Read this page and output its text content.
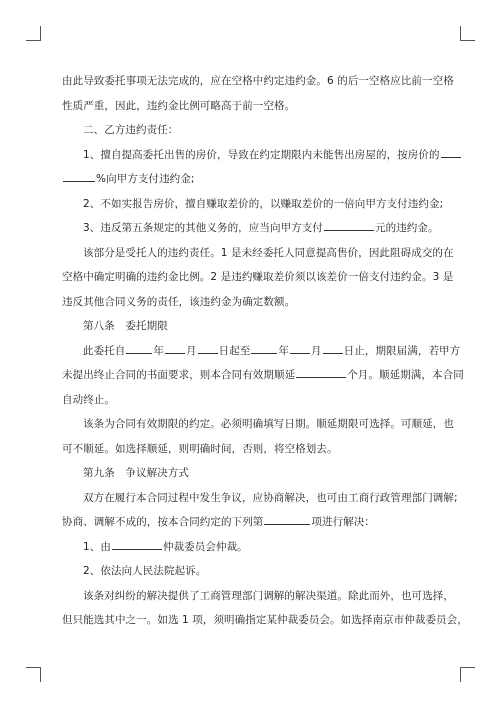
由此导致委托事项无法完成的，应在空格中约定违约金。6 的后一空格应比前一空格

性质严重，因此，违约金比例可略高于前一空格。

二、乙方违约责任：

1、擅自提高委托出售的房价，导致在约定期限内未能售出房屋的，按房价的

%向甲方支付违约金;

2、不如实报告房价，擅自赚取差价的，以赚取差价的一倍向甲方支付违约金;

3、违反第五条规定的其他义务的，应当向甲方支付	元的违约金。

该部分是受托人的违约责任。1 是未经委托人同意提高售价，因此阻碍成交的在

空格中确定明确的违约金比例。2 是违约赚取差价须以该差价一倍支付违约金。3 是

违反其他合同义务的责任，该违约金为确定数额。

第八条　委托期限

此委托自	年 月 日起至	年 月 日止，期限届满，若甲方

未提出终止合同的书面要求，则本合同有效期顺延	个月。顺延期满，本合同

自动终止。

该条为合同有效期限的约定。必须明确填写日期。顺延期限可选择。可顺延，也

可不顺延。如选择顺延，则明确时间，否则，将空格划去。

第九条　争议解决方式

双方在履行本合同过程中发生争议，应协商解决，也可由工商行政管理部门调解;

协商、调解不成的，按本合同约定的下列第	项进行解决：

1、由	仲裁委员会仲裁。

2、依法向人民法院起诉。

该条对纠纷的解决提供了工商管理部门调解的解决渠道。除此而外，也可选择，

但只能选其中之一。如选 1 项，须明确指定某仲裁委员会。如选择南京市仲裁委员会，
